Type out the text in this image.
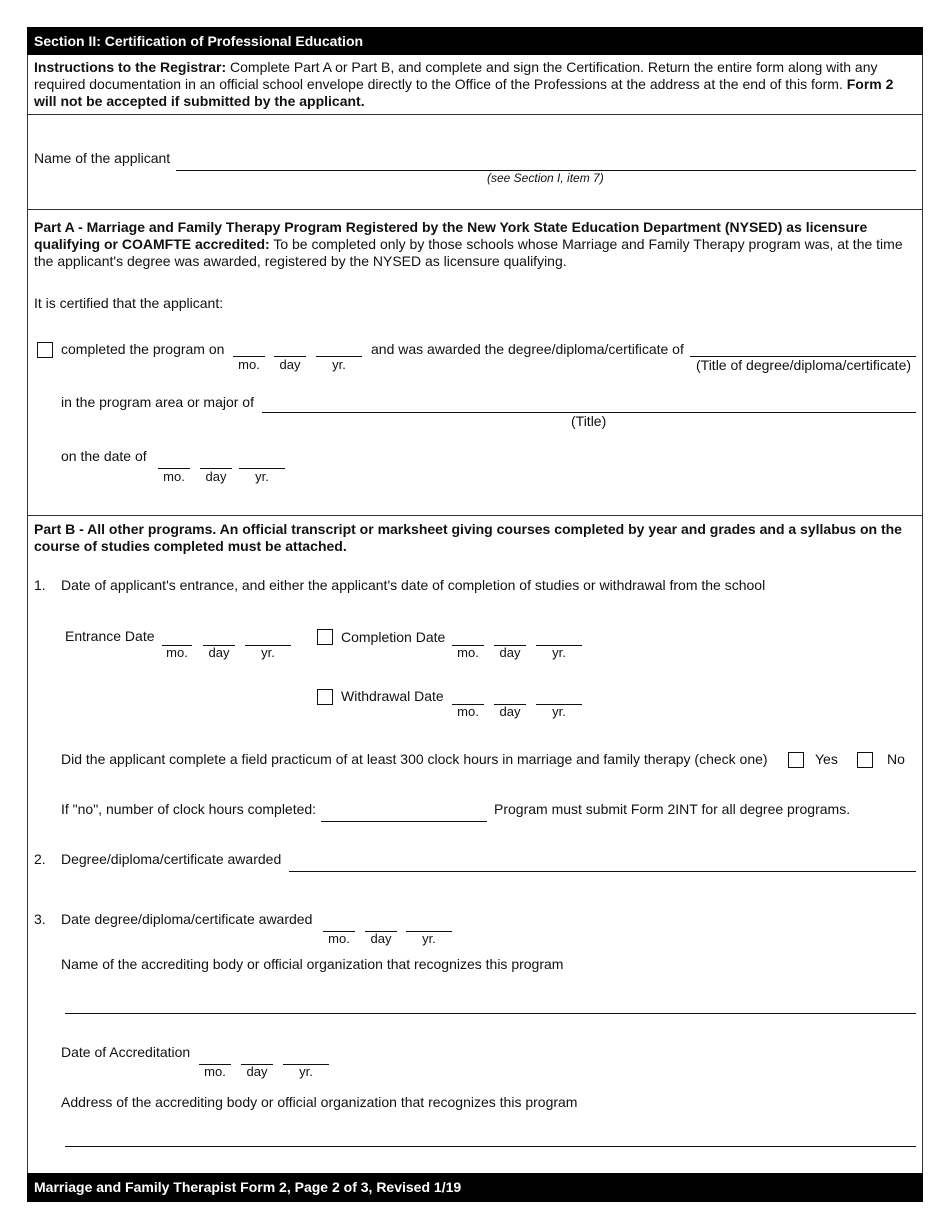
Section II: Certification of Professional Education
Instructions to the Registrar: Complete Part A or Part B, and complete and sign the Certification. Return the entire form along with any required documentation in an official school envelope directly to the Office of the Professions at the address at the end of this form. Form 2 will not be accepted if submitted by the applicant.
Name of the applicant
(see Section I, item 7)
Part A - Marriage and Family Therapy Program Registered by the New York State Education Department (NYSED) as licensure qualifying or COAMFTE accredited: To be completed only by those schools whose Marriage and Family Therapy program was, at the time the applicant's degree was awarded, registered by the NYSED as licensure qualifying.
It is certified that the applicant:
completed the program on
mo.	day	yr.
and was awarded the degree/diploma/certificate of
(Title of degree/diploma/certificate)
in the program area or major of
(Title)
on the date of
mo.	day	yr.
Part B - All other programs. An official transcript or marksheet giving courses completed by year and grades and a syllabus on the course of studies completed must be attached.
1. Date of applicant's entrance, and either the applicant's date of completion of studies or withdrawal from the school
Entrance Date
mo.	day	yr.
Completion Date
mo.	day	yr.
Withdrawal Date
mo.	day	yr.
Did the applicant complete a field practicum of at least 300 clock hours in marriage and family therapy (check one)	Yes	No
If "no", number of clock hours completed:	Program must submit Form 2INT for all degree programs.
2. Degree/diploma/certificate awarded
3. Date degree/diploma/certificate awarded
mo.	day	yr.
Name of the accrediting body or official organization that recognizes this program
Date of Accreditation
mo.	day	yr.
Address of the accrediting body or official organization that recognizes this program
Marriage and Family Therapist Form 2, Page 2 of 3, Revised 1/19
